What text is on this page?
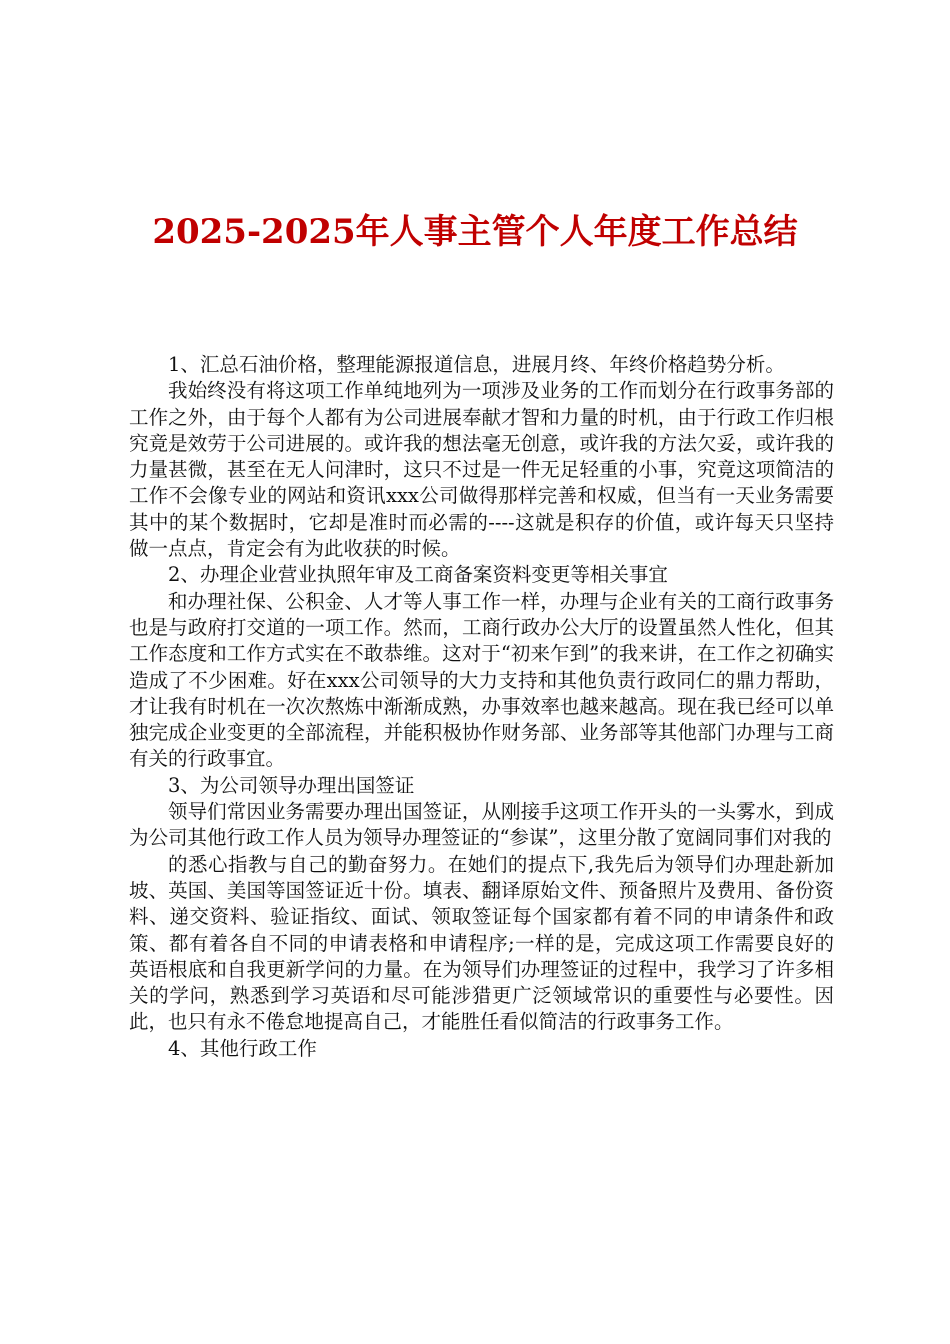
2025-2025年人事主管个人年度工作总结

1、汇总石油价格，整理能源报道信息，进展月终、年终价格趋势分析。

我始终没有将这项工作单纯地列为一项涉及业务的工作而划分在行政事务部的工作之外，由于每个人都有为公司进展奉献才智和力量的时机，由于行政工作归根究竟是效劳于公司进展的。或许我的想法毫无创意，或许我的方法欠妥，或许我的力量甚微，甚至在无人问津时，这只不过是一件无足轻重的小事，究竟这项简洁的工作不会像专业的网站和资讯xxx公司做得那样完善和权威，但当有一天业务需要其中的某个数据时，它却是准时而必需的----这就是积存的价值，或许每天只坚持做一点点，肯定会有为此收获的时候。

2、办理企业营业执照年审及工商备案资料变更等相关事宜

和办理社保、公积金、人才等人事工作一样，办理与企业有关的工商行政事务也是与政府打交道的一项工作。然而，工商行政办公大厅的设置虽然人性化，但其工作态度和工作方式实在不敢恭维。这对于“初来乍到”的我来讲，在工作之初确实造成了不少困难。好在xxx公司领导的大力支持和其他负责行政同仁的鼎力帮助，才让我有时机在一次次熬炼中渐渐成熟，办事效率也越来越高。现在我已经可以单独完成企业变更的全部流程，并能积极协作财务部、业务部等其他部门办理与工商有关的行政事宜。

3、为公司领导办理出国签证

领导们常因业务需要办理出国签证，从刚接手这项工作开头的一头雾水，到成为公司其他行政工作人员为领导办理签证的“参谋”，这里分散了宽阔同事们对我的

的悉心指教与自己的勤奋努力。在她们的提点下,我先后为领导们办理赴新加坡、英国、美国等国签证近十份。填表、翻译原始文件、预备照片及费用、备份资料、递交资料、验证指纹、面试、领取签证每个国家都有着不同的申请条件和政策、都有着各自不同的申请表格和申请程序;一样的是，完成这项工作需要良好的英语根底和自我更新学问的力量。在为领导们办理签证的过程中，我学习了许多相关的学问，熟悉到学习英语和尽可能涉猎更广泛领域常识的重要性与必要性。因此，也只有永不倦怠地提高自己，才能胜任看似简洁的行政事务工作。

4、其他行政工作
